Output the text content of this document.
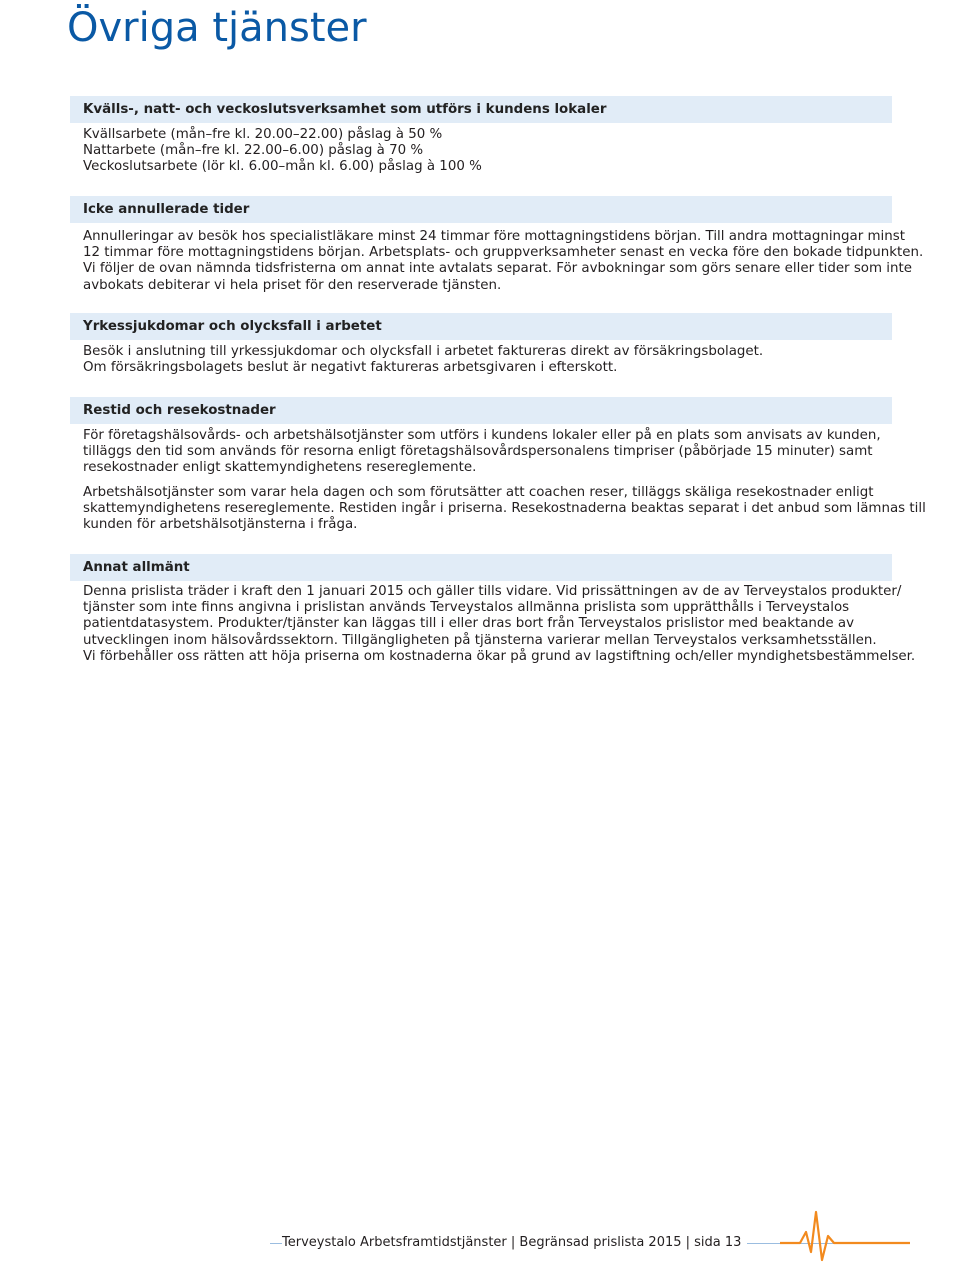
Övriga tjänster
Kvälls-, natt- och veckoslutsverksamhet som utförs i kundens lokaler

Kvällsarbete (mån–fre kl. 20.00–22.00) påslag à 50 %
Nattarbete (mån–fre kl. 22.00–6.00) påslag à 70 %
Veckoslutsarbete (lör kl. 6.00–mån kl. 6.00) påslag à 100 %

Icke annullerade tider

Annulleringar av besök hos specialistläkare minst 24 timmar före mottagningstidens början. Till andra mottagningar minst
12 timmar före mottagningstidens början. Arbetsplats- och gruppverksamheter senast en vecka före den bokade tidpunkten.
Vi följer de ovan nämnda tidsfristerna om annat inte avtalats separat. För avbokningar som görs senare eller tider som inte
avbokats debiterar vi hela priset för den reserverade tjänsten.

Yrkessjukdomar och olycksfall i arbetet

Besök i anslutning till yrkessjukdomar och olycksfall i arbetet faktureras direkt av försäkringsbolaget.
Om försäkringsbolagets beslut är negativt faktureras arbetsgivaren i efterskott.

Restid och resekostnader

För företagshälsovårds- och arbetshälsotjänster som utförs i kundens lokaler eller på en plats som anvisats av kunden,
tilläggs den tid som används för resorna enligt företagshälsovårdspersonalens timpriser (påbörjade 15 minuter) samt
resekostnader enligt skattemyndighetens resereglemente.

Arbetshälsotjänster som varar hela dagen och som förutsätter att coachen reser, tilläggs skäliga resekostnader enligt
skattemyndighetens resereglemente. Restiden ingår i priserna. Resekostnaderna beaktas separat i det anbud som lämnas till
kunden för arbetshälsotjänsterna i fråga.

Annat allmänt

Denna prislista träder i kraft den 1 januari 2015 och gäller tills vidare. Vid prissättningen av de av Terveystalos produkter/
tjänster som inte finns angivna i prislistan används Terveystalos allmänna prislista som upprätthålls i Terveystalos
patientdatasystem. Produkter/tjänster kan läggas till i eller dras bort från Terveystalos prislistor med beaktande av
utvecklingen inom hälsovårdssektorn. Tillgängligheten på tjänsterna varierar mellan Terveystalos verksamhetsställen.
Vi förbehåller oss rätten att höja priserna om kostnaderna ökar på grund av lagstiftning och/eller myndighetsbestämmelser.

Terveystalo Arbetsframtidstjänster | Begränsad prislista 2015 | sida 13
